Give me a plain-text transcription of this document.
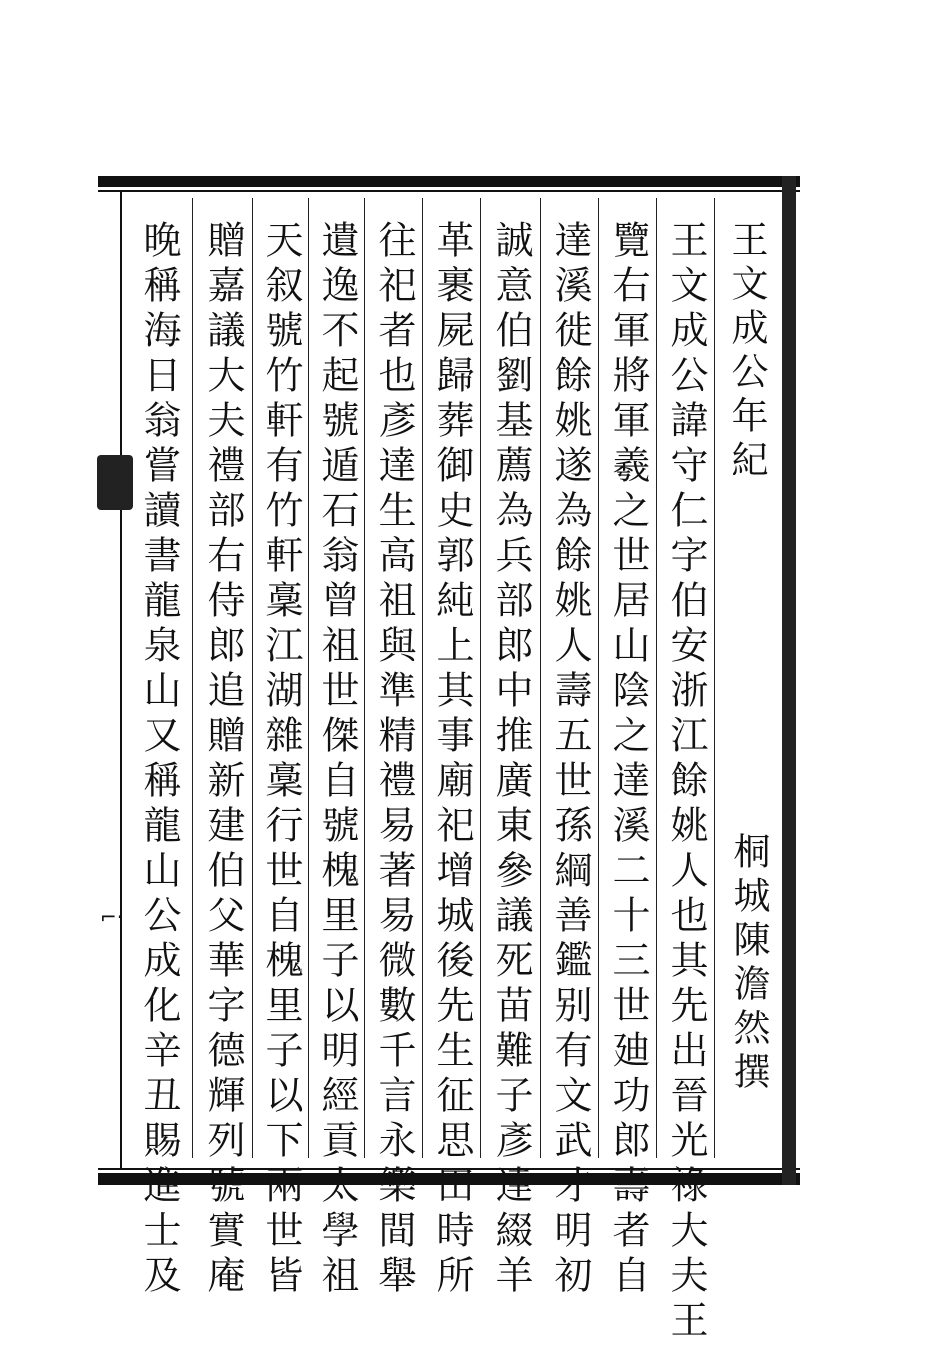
⌐·
王文成公年紀
桐城陳澹然撰
王文成公諱守仁字伯安浙江餘姚人也其先出晉光祿大夫王
覽右軍將軍羲之世居山陰之達溪二十三世廸功郎壽者自
達溪徙餘姚遂為餘姚人壽五世孫綱善鑑别有文武才明初
誠意伯劉基薦為兵部郎中推廣東參議死苗難子彥達綴羊
革裹屍歸葬御史郭純上其事廟祀增城後先生征思田時所
往祀者也彥達生高祖與準精禮易著易微數千言永樂間舉
遺逸不起號遁石翁曾祖世傑自號槐里子以明經貢太學祖
天叙號竹軒有竹軒稾江湖雜稾行世自槐里子以下兩世皆
贈嘉議大夫禮部右侍郎追贈新建伯父華字德輝列號實庵
晚稱海日翁嘗讀書龍泉山又稱龍山公成化辛丑賜進士及
